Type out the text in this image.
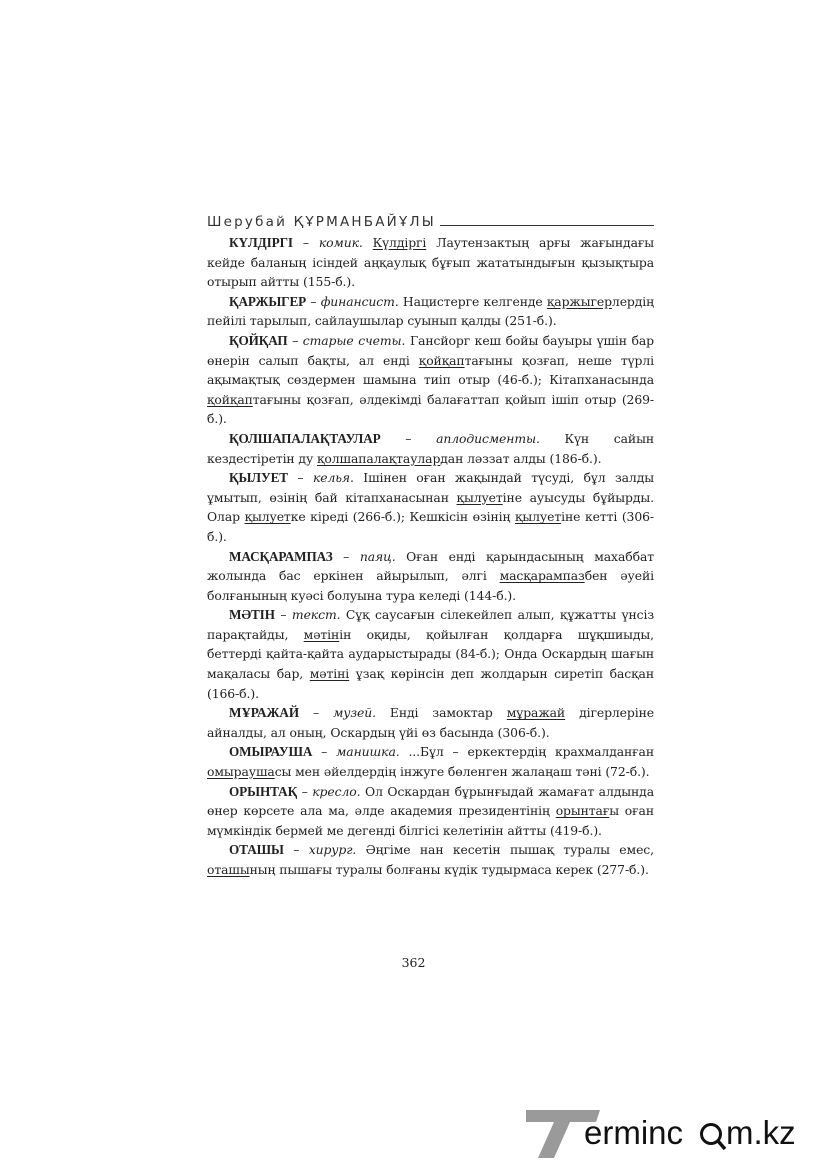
Шерубай ҚҰРМАНБАЙҰЛЫ

КҮЛДІРГІ – комик. Күлдіргі Лаутензактың арғы жағындағы кейде баланың ісіндей аңқаулық бұғып жататындығын қызықтыра отырып айтты (155-б.).

ҚАРЖЫГЕР – финансист. Нацистерге келгенде қаржыгерлердің пейілі тарылып, сайлаушылар суынып қалды (251-б.).

ҚОЙҚАП – старые счеты. Гансйорг кеш бойы бауыры үшін бар өнерін салып бақты, ал енді қойқаптағыны қозғап, неше түрлі ақымақтық сөздермен шамына тиіп отыр (46-б.); Кітапханасында қойқаптағыны қозғап, әлдекімді балағаттап қойып ішіп отыр (269-б.).

ҚОЛШАПАЛАҚТАУЛАР – аплодисменты. Күн сайын кездестіретін ду қолшапалақтаулардан ләззат алды (186-б.).

ҚЫЛУЕТ – келья. Ішінен оған жақындай түсуді, бұл залды ұмытып, өзінің бай кітапханасынан қылуетіне ауысуды бұйырды. Олар қылуетке кіреді (266-б.); Кешкісін өзінің қылуетіне кетті (306-б.).

МАСҚАРАМПАЗ – паяц. Оған енді қарындасының махаббат жолында бас еркінен айырылып, әлгі масқарампазбен әуейі болғанының куәсі болуына тура келеді (144-б.).

МӘТІН – текст. Сұқ саусағын сілекейлеп алып, құжатты үнсіз парақтайды, мәтінін оқиды, қойылған қолдарға шұқшиыды, беттерді қайта-қайта аударыстырады (84-б.); Онда Оскардың шағын мақаласы бар, мәтіні ұзақ көрінсін деп жолдарын сиретіп басқан (166-б.).

МҰРАЖАЙ – музей. Енді замоктар мұражай дігерлеріне айналды, ал оның, Оскардың үйі өз басында (306-б.).

ОМЫРАУША – манишка. ...Бұл – еркектердің крахмалданған омыраушасы мен әйелдердің інжуге бөленген жалаңаш тәні (72-б.).

ОРЫНТАҚ – кресло. Ол Оскардан бұрынғыдай жамағат алдында өнер көрсете ала ма, әлде академия президентінің орынтағы оған мүмкіндік бермей ме дегенді білгісі келетінін айтты (419-б.).

ОТАШЫ – хирург. Әңгіме нан кесетін пышақ туралы емес, оташының пышағы туралы болғаны күдік тудырмаса керек (277-б.).

362
erminc m.kz
